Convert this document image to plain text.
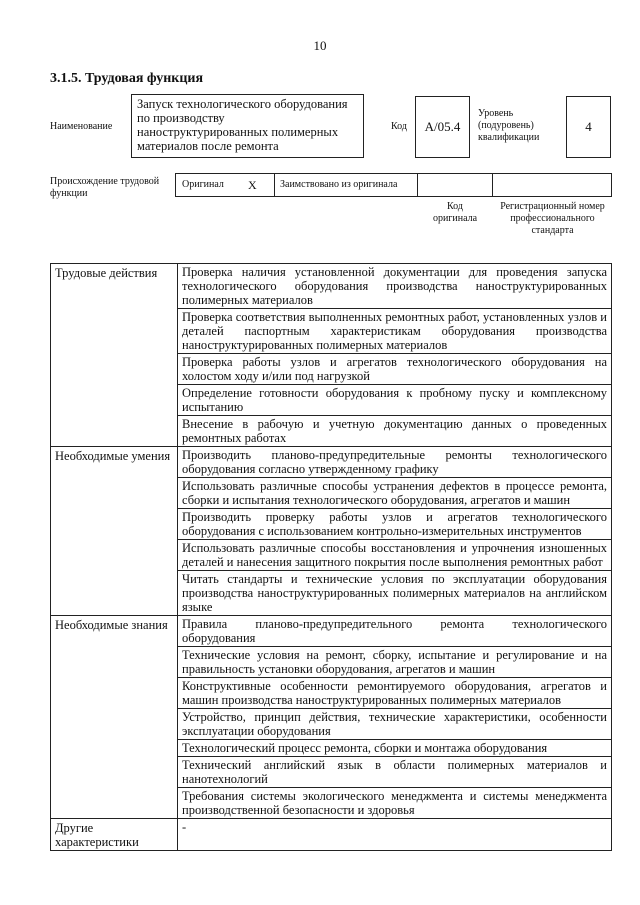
10
3.1.5. Трудовая функция
Наименование
Запуск технологического оборудования по производству наноструктурированных полимерных материалов после ремонта
Код	А/05.4
Уровень (подуровень) квалификации
4
Происхождение трудовой функции
Оригинал X Заимствовано из оригинала
Код оригинала
Регистрационный номер профессионального стандарта
Трудовые действия	Проверка наличия установленной документации для проведения запуска технологического оборудования производства наноструктурированных полимерных материалов
	Проверка соответствия выполненных ремонтных работ, установленных узлов и деталей паспортным характеристикам оборудования производства наноструктурированных полимерных материалов
	Проверка работы узлов и агрегатов технологического оборудования на холостом ходу и/или под нагрузкой
	Определение готовности оборудования к пробному пуску и комплексному испытанию
	Внесение в рабочую и учетную документацию данных о проведенных ремонтных работах
Необходимые умения	Производить планово-предупредительные ремонты технологического оборудования согласно утвержденному графику
	Использовать различные способы устранения дефектов в процессе ремонта, сборки и испытания технологического оборудования, агрегатов и машин
	Производить проверку работы узлов и агрегатов технологического оборудования с использованием контрольно-измерительных инструментов
	Использовать различные способы восстановления и упрочнения изношенных деталей и нанесения защитного покрытия после выполнения ремонтных работ
	Читать стандарты и технические условия по эксплуатации оборудования производства наноструктурированных полимерных материалов на английском языке
Необходимые знания	Правила планово-предупредительного ремонта технологического оборудования
	Технические условия на ремонт, сборку, испытание и регулирование и на правильность установки оборудования, агрегатов и машин
	Конструктивные особенности ремонтируемого оборудования, агрегатов и машин производства наноструктурированных полимерных материалов
	Устройство, принцип действия, технические характеристики, особенности эксплуатации оборудования
	Технологический процесс ремонта, сборки и монтажа оборудования
	Технический английский язык в области полимерных материалов и нанотехнологий
	Требования системы экологического менеджмента и системы менеджмента производственной безопасности и здоровья
Другие характеристики	-
